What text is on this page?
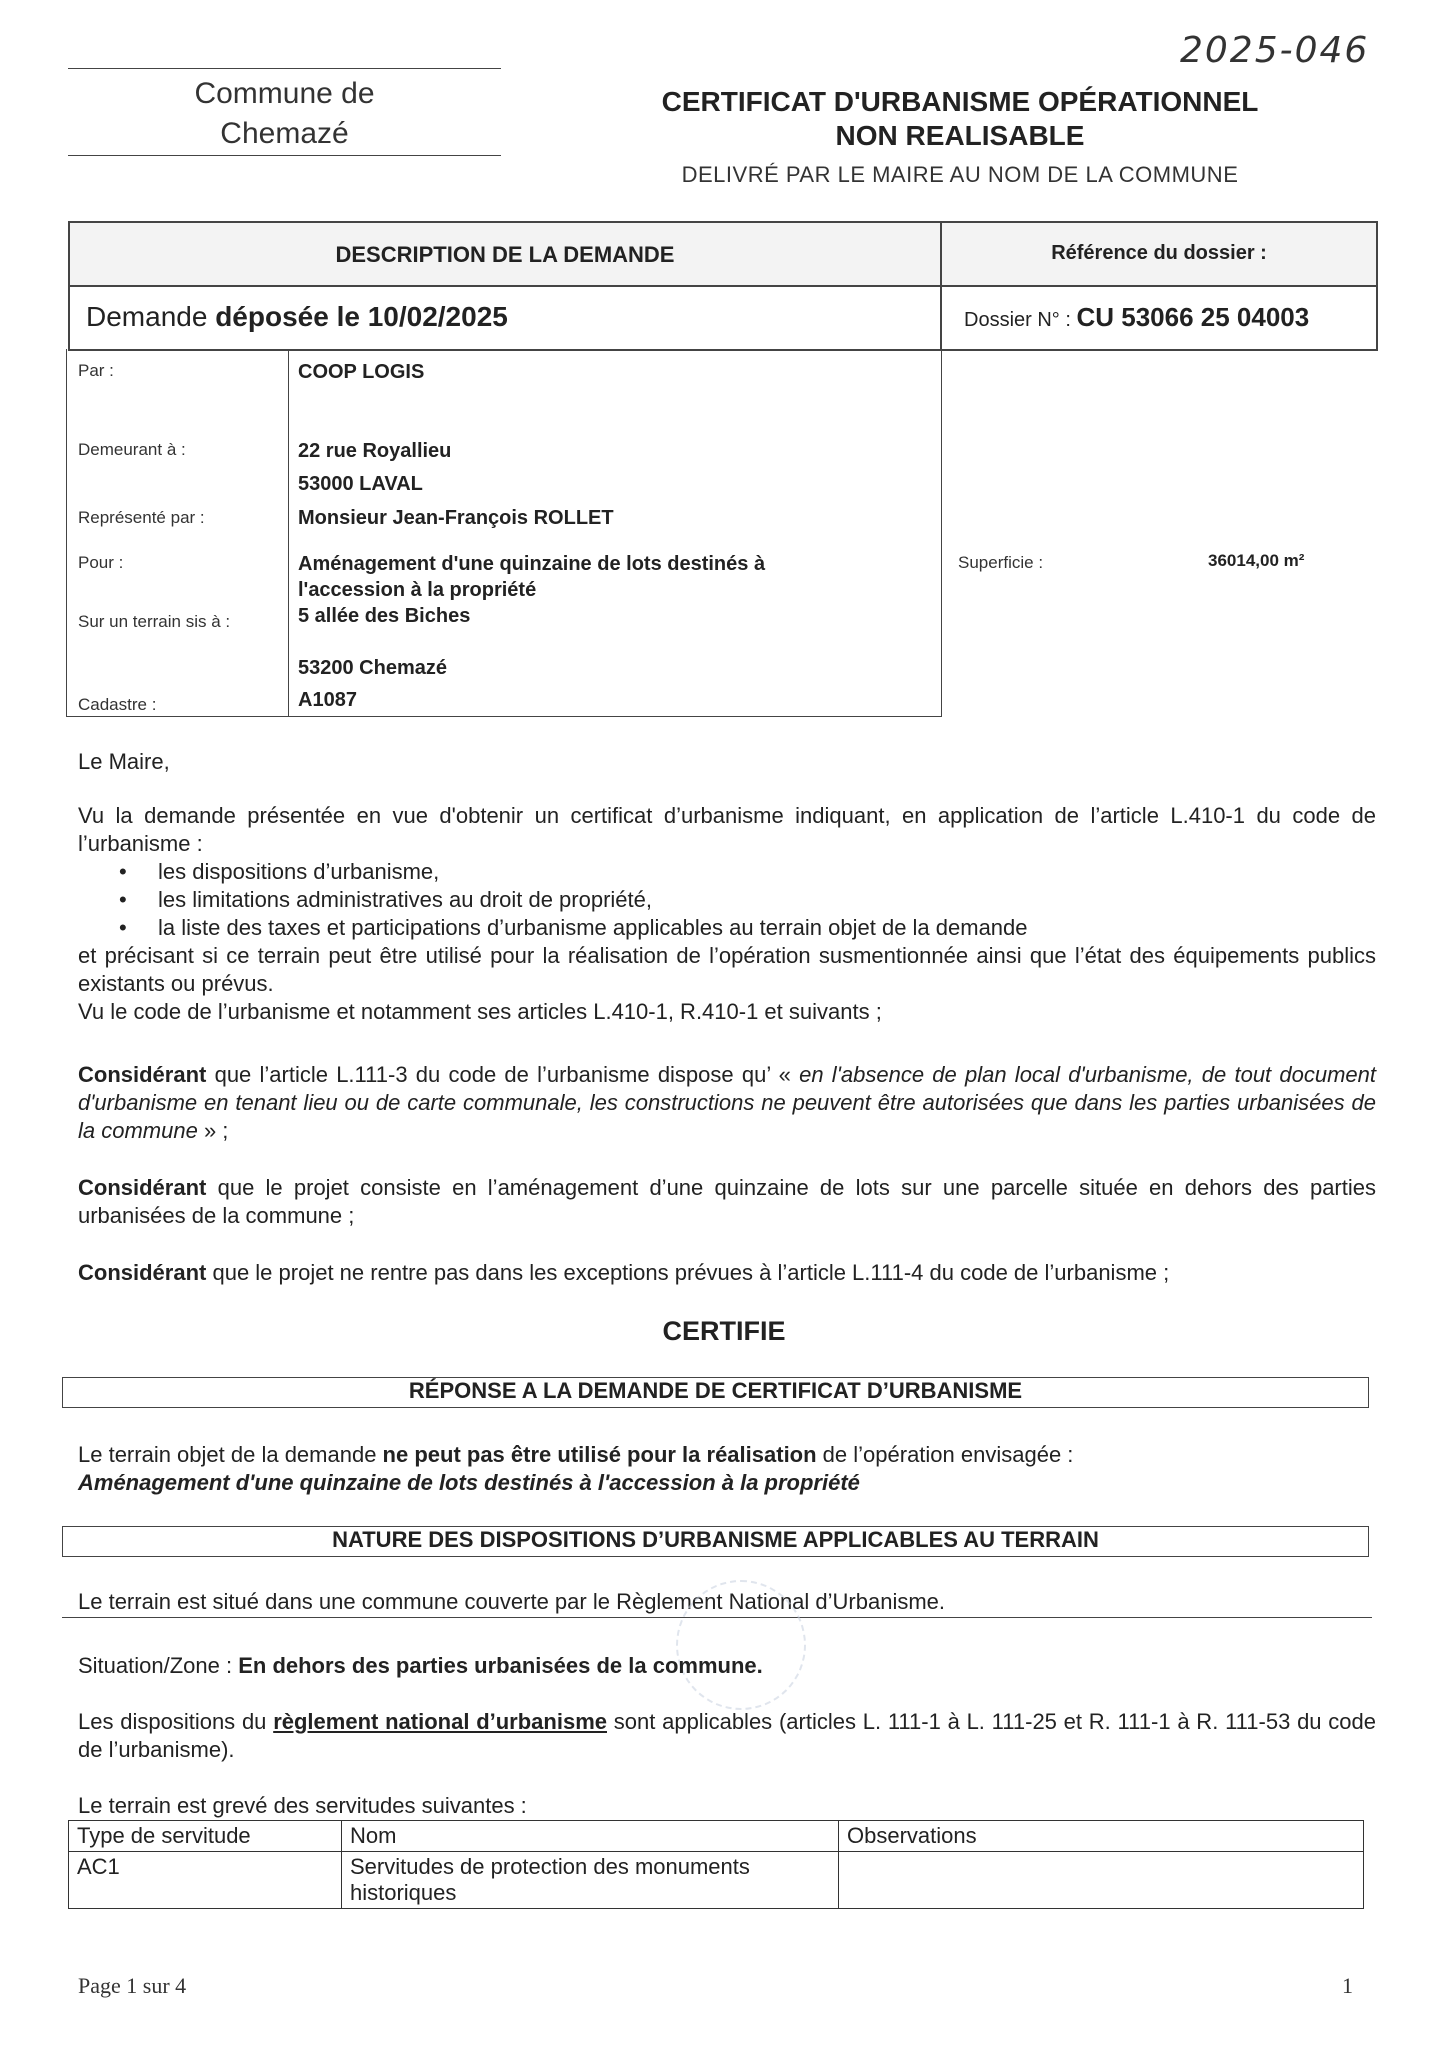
2025-046
Commune de
Chemazé
CERTIFICAT D'URBANISME OPÉRATIONNEL
NON REALISABLE
DELIVRÉ PAR LE MAIRE AU NOM DE LA COMMUNE
DESCRIPTION DE LA DEMANDE	Référence du dossier :
Demande déposée le 10/02/2025	Dossier N° : CU 53066 25 04003
Par :	COOP LOGIS
Demeurant à :	22 rue Royallieu
53000 LAVAL
Représenté par :	Monsieur Jean-François ROLLET
Pour :	Aménagement d'une quinzaine de lots destinés à
l'accession à la propriété
Sur un terrain sis à :	5 allée des Biches
53200 Chemazé
Cadastre :	A1087
Superficie :	36014,00 m²
Le Maire,
Vu la demande présentée en vue d'obtenir un certificat d’urbanisme indiquant, en application de l’article L.410-1 du code de l’urbanisme :
• les dispositions d’urbanisme,
• les limitations administratives au droit de propriété,
• la liste des taxes et participations d’urbanisme applicables au terrain objet de la demande
et précisant si ce terrain peut être utilisé pour la réalisation de l’opération susmentionnée ainsi que l’état des équipements publics existants ou prévus.
Vu le code de l’urbanisme et notamment ses articles L.410-1, R.410-1 et suivants ;
Considérant que l’article L.111-3 du code de l’urbanisme dispose qu’ « en l'absence de plan local d'urbanisme, de tout document d'urbanisme en tenant lieu ou de carte communale, les constructions ne peuvent être autorisées que dans les parties urbanisées de la commune » ;
Considérant que le projet consiste en l’aménagement d’une quinzaine de lots sur une parcelle située en dehors des parties urbanisées de la commune ;
Considérant que le projet ne rentre pas dans les exceptions prévues à l’article L.111-4 du code de l’urbanisme ;
CERTIFIE
RÉPONSE A LA DEMANDE DE CERTIFICAT D’URBANISME
Le terrain objet de la demande ne peut pas être utilisé pour la réalisation de l’opération envisagée :
Aménagement d'une quinzaine de lots destinés à l'accession à la propriété
NATURE DES DISPOSITIONS D’URBANISME APPLICABLES AU TERRAIN
Le terrain est situé dans une commune couverte par le Règlement National d’Urbanisme.
Situation/Zone : En dehors des parties urbanisées de la commune.
Les dispositions du règlement national d’urbanisme sont applicables (articles L. 111-1 à L. 111-25 et R. 111-1 à R. 111-53 du code de l’urbanisme).
Le terrain est grevé des servitudes suivantes :
Type de servitude	Nom	Observations
AC1	Servitudes de protection des monuments historiques	
Page 1 sur 4	1
